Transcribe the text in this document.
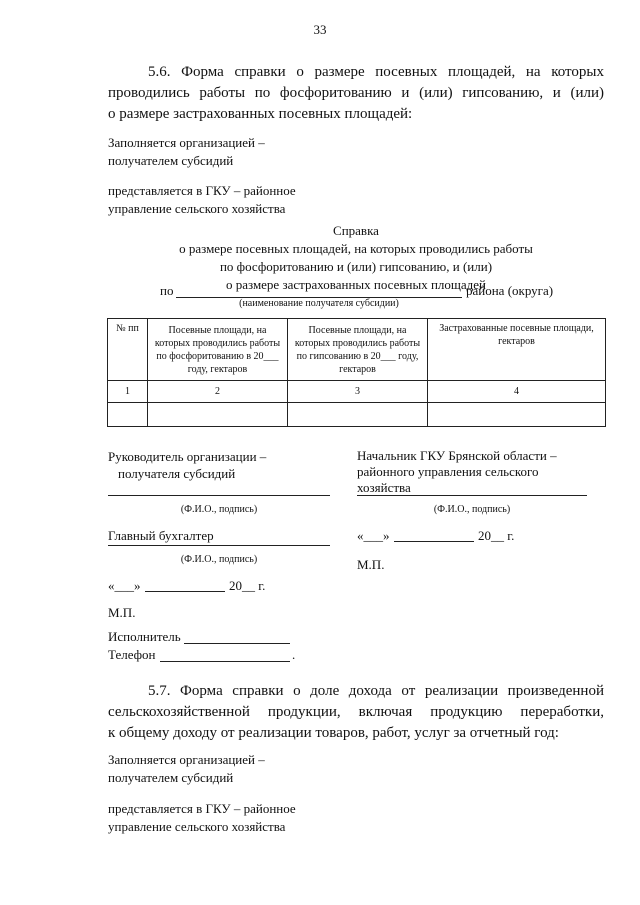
33
5.6. Форма справки о размере посевных площадей, на которых
проводились работы по фосфоритованию и (или) гипсованию, и (или)
о размере застрахованных посевных площадей:
Заполняется организацией –
получателем субсидий
представляется в ГКУ – районное
управление сельского хозяйства
Справка
о размере посевных площадей, на которых проводились работы
по фосфоритованию и (или) гипсованию, и (или)
о размере застрахованных посевных площадей
по	района (округа)
(наименование получателя субсидии)
№ пп	Посевные площади, на которых проводились работы по фосфоритованию в 20___ году, гектаров	Посевные площади, на которых проводились работы по гипсованию в 20___ году, гектаров	Застрахованные посевные площади, гектаров
1	2	3	4

Руководитель организации –
получателя субсидий
(Ф.И.О., подпись)
Главный бухгалтер
(Ф.И.О., подпись)
«___»	20__ г.
М.П.
Исполнитель
Телефон	.
Начальник ГКУ Брянской области –
районного управления сельского
хозяйства
(Ф.И.О., подпись)
«___»	20__ г.
М.П.
5.7. Форма справки о доле дохода от реализации произведенной
сельскохозяйственной продукции, включая продукцию переработки,
к общему доходу от реализации товаров, работ, услуг за отчетный год:
Заполняется организацией –
получателем субсидий
представляется в ГКУ – районное
управление сельского хозяйства
